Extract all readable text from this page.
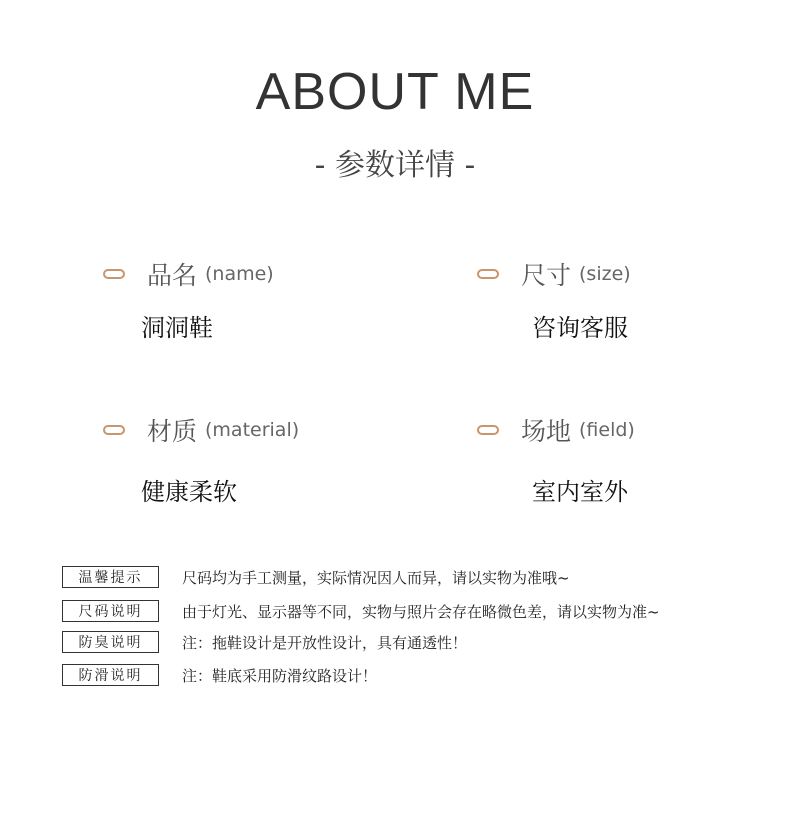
ABOUT ME
- 参数详情 -
品名 (name)
洞洞鞋
尺寸 (size)
咨询客服
材质 (material)
健康柔软
场地 (field)
室内室外
温馨提示	尺码均为手工测量，实际情况因人而异，请以实物为准哦~
尺码说明	由于灯光、显示器等不同，实物与照片会存在略微色差，请以实物为准~
防臭说明	注：拖鞋设计是开放性设计，具有通透性！
防滑说明	注：鞋底采用防滑纹路设计！
